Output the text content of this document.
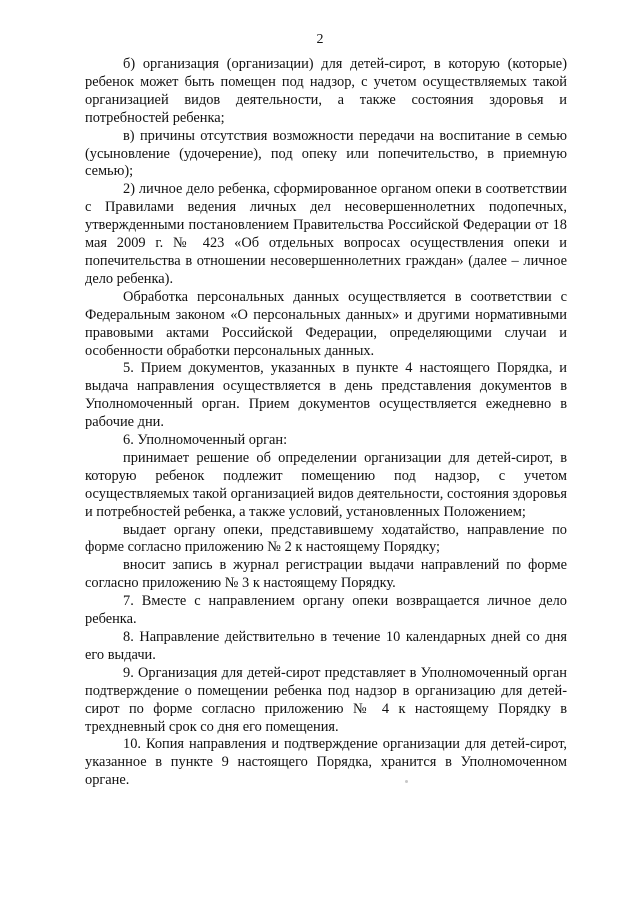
2

б) организация (организации) для детей-сирот, в которую (которые) ребенок может быть помещен под надзор, с учетом осуществляемых такой организацией видов деятельности, а также состояния здоровья и потребностей ребенка;

в) причины отсутствия возможности передачи на воспитание в семью (усыновление (удочерение), под опеку или попечительство, в приемную семью);

2) личное дело ребенка, сформированное органом опеки в соответствии с Правилами ведения личных дел несовершеннолетних подопечных, утвержденными постановлением Правительства Российской Федерации от 18 мая 2009 г. № 423 «Об отдельных вопросах осуществления опеки и попечительства в отношении несовершеннолетних граждан» (далее – личное дело ребенка).

Обработка персональных данных осуществляется в соответствии с Федеральным законом «О персональных данных» и другими нормативными правовыми актами Российской Федерации, определяющими случаи и особенности обработки персональных данных.

5. Прием документов, указанных в пункте 4 настоящего Порядка, и выдача направления осуществляется в день представления документов в Уполномоченный орган. Прием документов осуществляется ежедневно в рабочие дни.

6. Уполномоченный орган:

принимает решение об определении организации для детей-сирот, в которую ребенок подлежит помещению под надзор, с учетом осуществляемых такой организацией видов деятельности, состояния здоровья и потребностей ребенка, а также условий, установленных Положением;

выдает органу опеки, представившему ходатайство, направление по форме согласно приложению № 2 к настоящему Порядку;

вносит запись в журнал регистрации выдачи направлений по форме согласно приложению № 3 к настоящему Порядку.

7. Вместе с направлением органу опеки возвращается личное дело ребенка.

8. Направление действительно в течение 10 календарных дней со дня его выдачи.

9. Организация для детей-сирот представляет в Уполномоченный орган подтверждение о помещении ребенка под надзор в организацию для детей-сирот по форме согласно приложению № 4 к настоящему Порядку в трехдневный срок со дня его помещения.

10. Копия направления и подтверждение организации для детей-сирот, указанное в пункте 9 настоящего Порядка, хранится в Уполномоченном органе.
